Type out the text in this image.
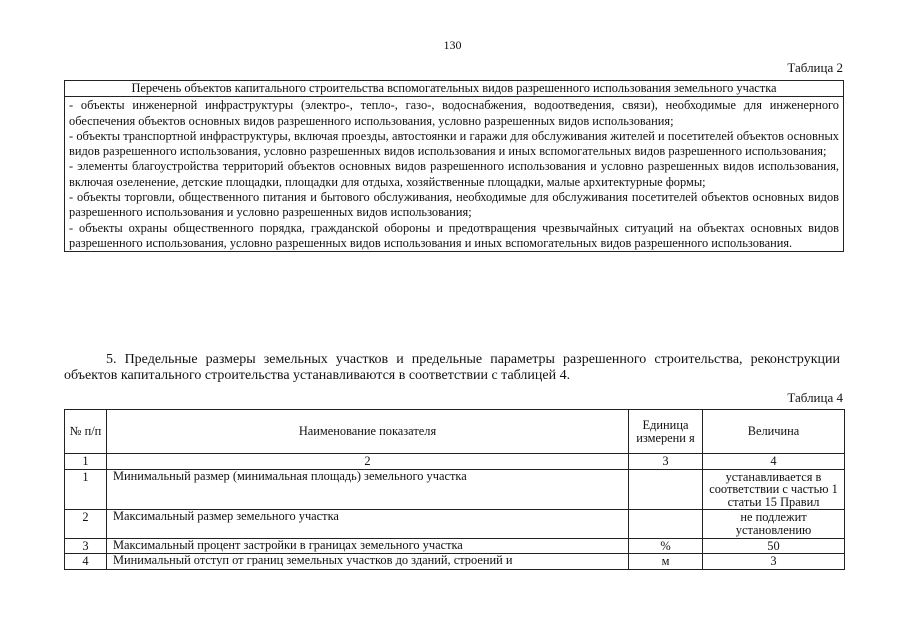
130
Таблица 2
Перечень объектов капитального строительства вспомогательных видов разрешенного использования земельного участка

- объекты инженерной инфраструктуры (электро-, тепло-, газо-, водоснабжения, водоотведения, связи), необходимые для инженерного обеспечения объектов основных видов разрешенного использования, условно разрешенных видов использования;
- объекты транспортной инфраструктуры, включая проезды, автостоянки и гаражи для обслуживания жителей и посетителей объектов основных видов разрешенного использования, условно разрешенных видов использования и иных вспомогательных видов разрешенного использования;
- элементы благоустройства территорий объектов основных видов разрешенного использования и условно разрешенных видов использования, включая озеленение, детские площадки, площадки для отдыха, хозяйственные площадки, малые архитектурные формы;
- объекты торговли, общественного питания и бытового обслуживания, необходимые для обслуживания посетителей объектов основных видов разрешенного использования и условно разрешенных видов использования;
- объекты охраны общественного порядка, гражданской обороны и предотвращения чрезвычайных ситуаций на объектах основных видов разрешенного использования, условно разрешенных видов использования и иных вспомогательных видов разрешенного использования.
5. Предельные размеры земельных участков и предельные параметры разрешенного строительства, реконструкции объектов капитального строительства устанавливаются в соответствии с таблицей 4.
Таблица 4
№ п/п	Наименование показателя	Единица измерени я	Величина
1	2	3	4
1	Минимальный размер (минимальная площадь) земельного участка		устанавливается в соответствии с частью 1 статьи 15 Правил
2	Максимальный размер земельного участка		не подлежит установлению
3	Максимальный процент застройки в границах земельного участка	%	50
4	Минимальный отступ от границ земельных участков до зданий, строений и	м	3
